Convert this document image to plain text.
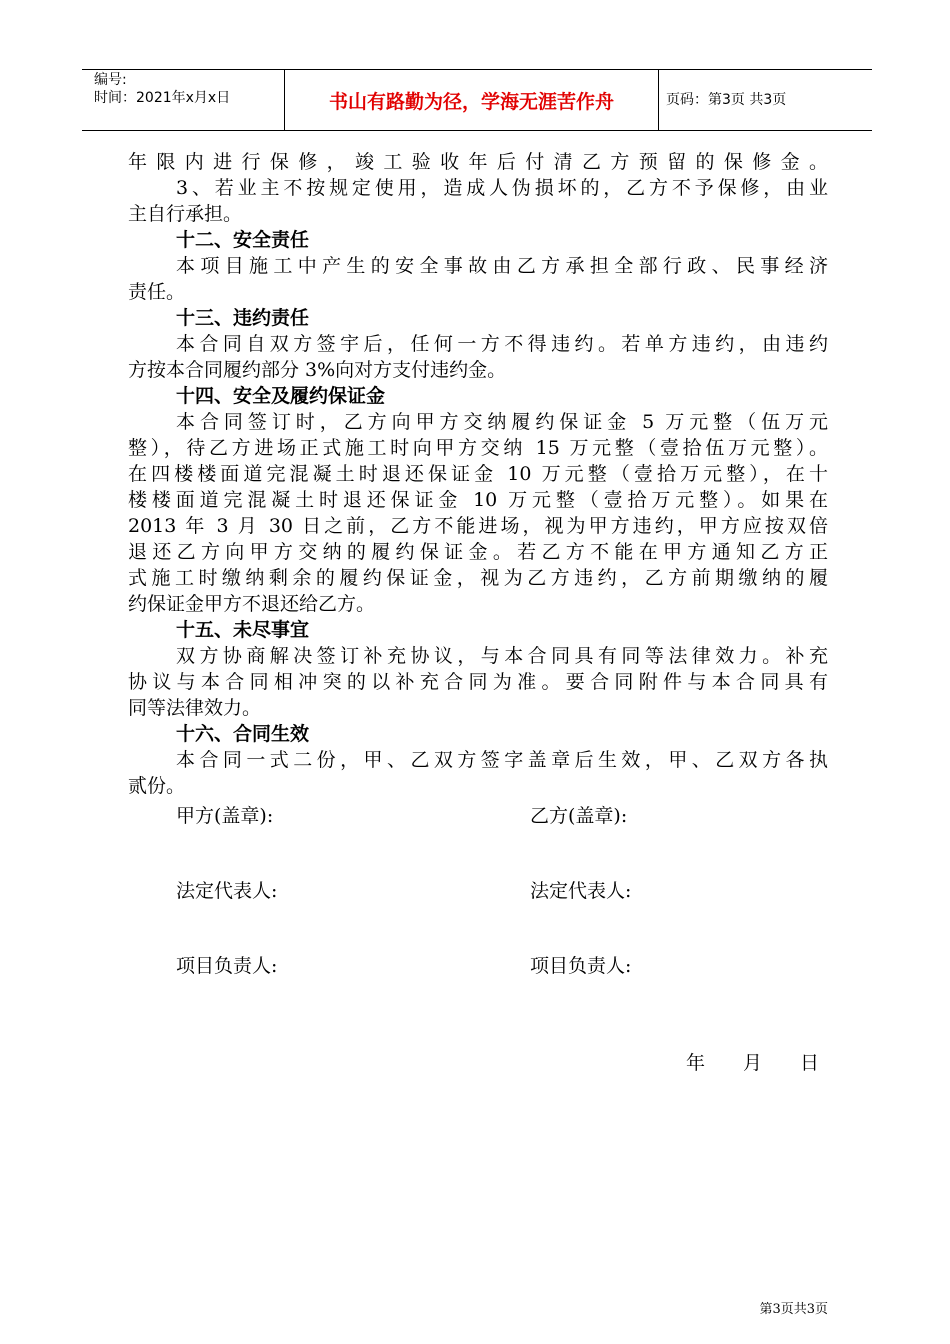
编号:
时间：2021年x月x日	书山有路勤为径，学海无涯苦作舟	页码：第3页 共3页
年限内进行保修，竣工验收年后付清乙方预留的保修金。
3、若业主不按规定使用，造成人伪损坏的，乙方不予保修，由业
主自行承担。
十二、安全责任
本项目施工中产生的安全事故由乙方承担全部行政、民事经济
责任。
十三、违约责任
本合同自双方签宇后，任何一方不得违约。若单方违约，由违约
方按本合同履约部分 3%向对方支付违约金。
十四、安全及履约保证金
本合同签订时，乙方向甲方交纳履约保证金 5 万元整（伍万元
整），待乙方进场正式施工时向甲方交纳 15 万元整（壹拾伍万元整）。
在四楼楼面道完混凝土时退还保证金 10 万元整（壹拾万元整），在十
楼楼面道完混凝土时退还保证金 10 万元整（壹拾万元整）。如果在
2013 年 3 月 30 日之前，乙方不能进场，视为甲方违约，甲方应按双倍
退还乙方向甲方交纳的履约保证金。若乙方不能在甲方通知乙方正
式施工时缴纳剩余的履约保证金，视为乙方违约，乙方前期缴纳的履
约保证金甲方不退还给乙方。
十五、未尽事宜
双方协商解决签订补充协议，与本合同具有同等法律效力。补充
协议与本合同相冲突的以补充合同为准。要合同附件与本合同具有
同等法律效力。
十六、合同生效
本合同一式二份，甲、乙双方签字盖章后生效，甲、乙双方各执
贰份。
甲方(盖章):	乙方(盖章):
法定代表人:	法定代表人:
项目负责人:	项目负责人:
年　　月　　日
第3页共3页
